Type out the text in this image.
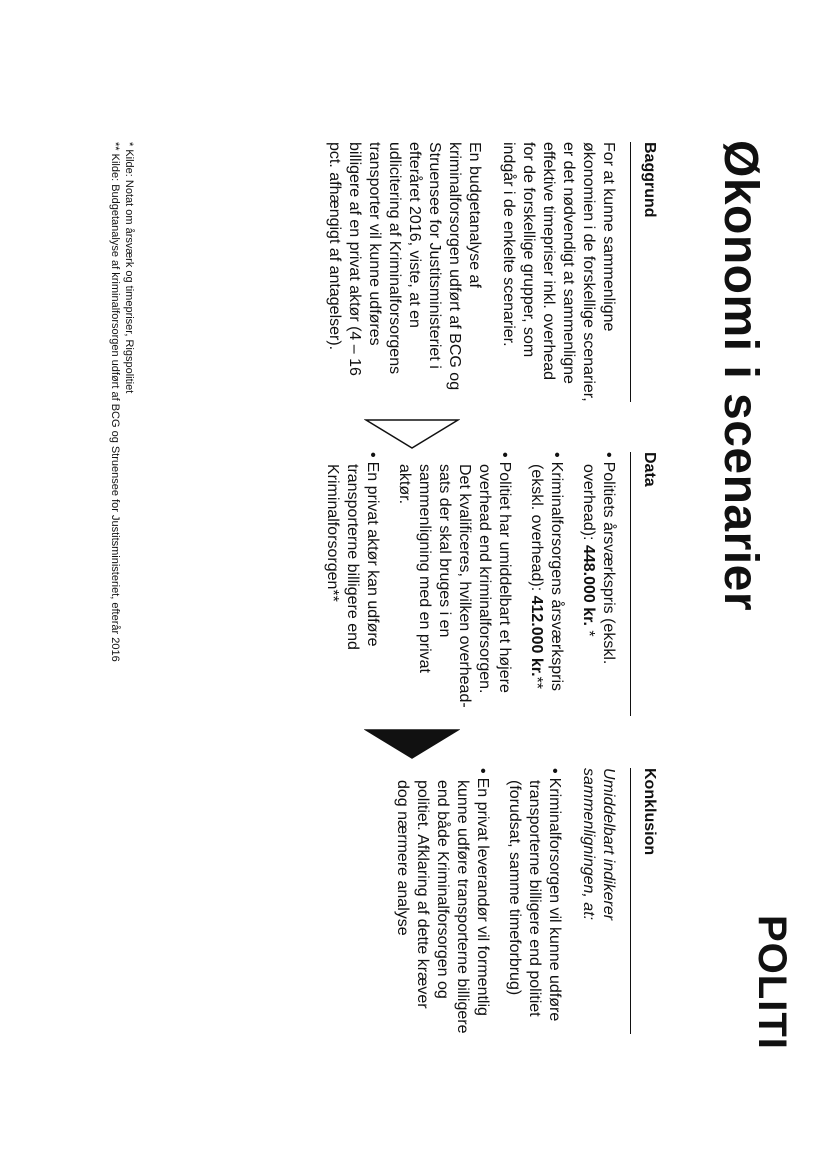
Økonomi i scenarier
POLITI
Baggrund

For at kunne sammenligne økonomien i de forskellige scenarier, er det nødvendigt at sammenligne effektive timepriser inkl. overhead for de forskellige grupper, som indgår i de enkelte scenarier.

En budgetanalyse af kriminalforsorgen udført af BCG og Struensee for Justitsministeriet i efteråret 2016, viste, at en udlicitering af Kriminalforsorgens transporter vil kunne udføres billigere af en privat aktør (4 – 16 pct. afhængigt af antagelser).

Data
• Politiets årsværkspris (ekskl. overhead): 448.000 kr. *
• Kriminalforsorgens årsværkspris (ekskl. overhead): 412.000 kr.**
• Politiet har umiddelbart et højere overhead end kriminalforsorgen. Det kvalificeres, hvilken overhead-sats der skal bruges i en sammenligning med en privat aktør.
• En privat aktør kan udføre transporterne billigere end Kriminalforsorgen**
Konklusion

Umiddelbart indikerer sammenligningen, at:

• Kriminalforsorgen vil kunne udføre transporterne billigere end politiet (forudsat, samme timeforbrug)
• En privat leverandør vil formentlig kunne udføre transporterne billigere end både Kriminalforsorgen og politiet. Afklaring af dette kræver dog nærmere analyse
* Kilde: Notat om årsværk og timepriser, Rigspolitiet
** Kilde: Budgetanalyse af kriminalforsorgen udført af BCG og Struensee for Justitsministeriet, efterår 2016
